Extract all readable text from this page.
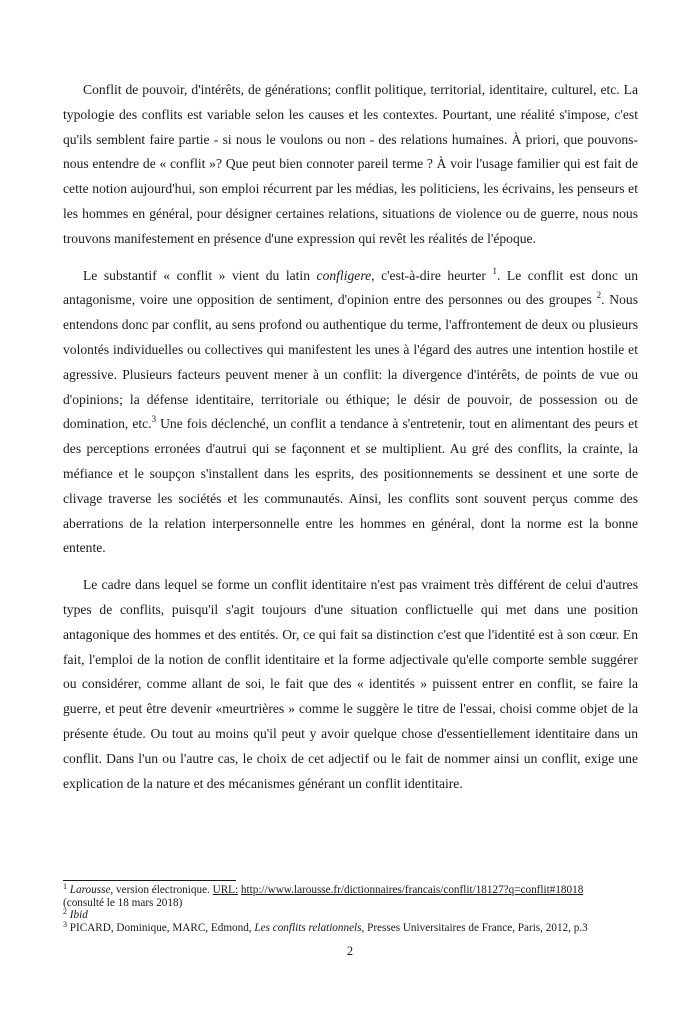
Conflit de pouvoir, d'intérêts, de générations; conflit politique, territorial, identitaire, culturel, etc. La typologie des conflits est variable selon les causes et les contextes. Pourtant, une réalité s'impose, c'est qu'ils semblent faire partie - si nous le voulons ou non - des relations humaines. À priori, que pouvons-nous entendre de « conflit »? Que peut bien connoter pareil terme ? À voir l'usage familier qui est fait de cette notion aujourd'hui, son emploi récurrent par les médias, les politiciens, les écrivains, les penseurs et les hommes en général, pour désigner certaines relations, situations de violence ou de guerre, nous nous trouvons manifestement en présence d'une expression qui revêt les réalités de l'époque.

Le substantif « conflit » vient du latin confligere, c'est-à-dire heurter $^1$. Le conflit est donc un antagonisme, voire une opposition de sentiment, d'opinion entre des personnes ou des groupes $^2$. Nous entendons donc par conflit, au sens profond ou authentique du terme, l'affrontement de deux ou plusieurs volontés individuelles ou collectives qui manifestent les unes à l'égard des autres une intention hostile et agressive. Plusieurs facteurs peuvent mener à un conflit: la divergence d'intérêts, de points de vue ou d'opinions; la défense identitaire, territoriale ou éthique; le désir de pouvoir, de possession ou de domination, etc.$^3$ Une fois déclenché, un conflit a tendance à s'entretenir, tout en alimentant des peurs et des perceptions erronées d'autrui qui se façonnent et se multiplient. Au gré des conflits, la crainte, la méfiance et le soupçon s'installent dans les esprits, des positionnements se dessinent et une sorte de clivage traverse les sociétés et les communautés. Ainsi, les conflits sont souvent perçus comme des aberrations de la relation interpersonnelle entre les hommes en général, dont la norme est la bonne entente.

Le cadre dans lequel se forme un conflit identitaire n'est pas vraiment très différent de celui d'autres types de conflits, puisqu'il s'agit toujours d'une situation conflictuelle qui met dans une position antagonique des hommes et des entités. Or, ce qui fait sa distinction c'est que l'identité est à son cœur. En fait, l'emploi de la notion de conflit identitaire et la forme adjectivale qu'elle comporte semble suggérer ou considérer, comme allant de soi, le fait que des « identités » puissent entrer en conflit, se faire la guerre, et peut être devenir «meurtrières » comme le suggère le titre de l'essai, choisi comme objet de la présente étude. Ou tout au moins qu'il peut y avoir quelque chose d'essentiellement identitaire dans un conflit. Dans l'un ou l'autre cas, le choix de cet adjectif ou le fait de nommer ainsi un conflit, exige une explication de la nature et des mécanismes générant un conflit identitaire.

$^1$ Larousse, version électronique. URL: http://www.larousse.fr/dictionnaires/francais/conflit/18127?q=conflit#18018

(consulté le 18 mars 2018)

$^2$ Ibid

$^3$ PICARD, Dominique, MARC, Edmond, Les conflits relationnels, Presses Universitaires de France, Paris, 2012, p.3

2
